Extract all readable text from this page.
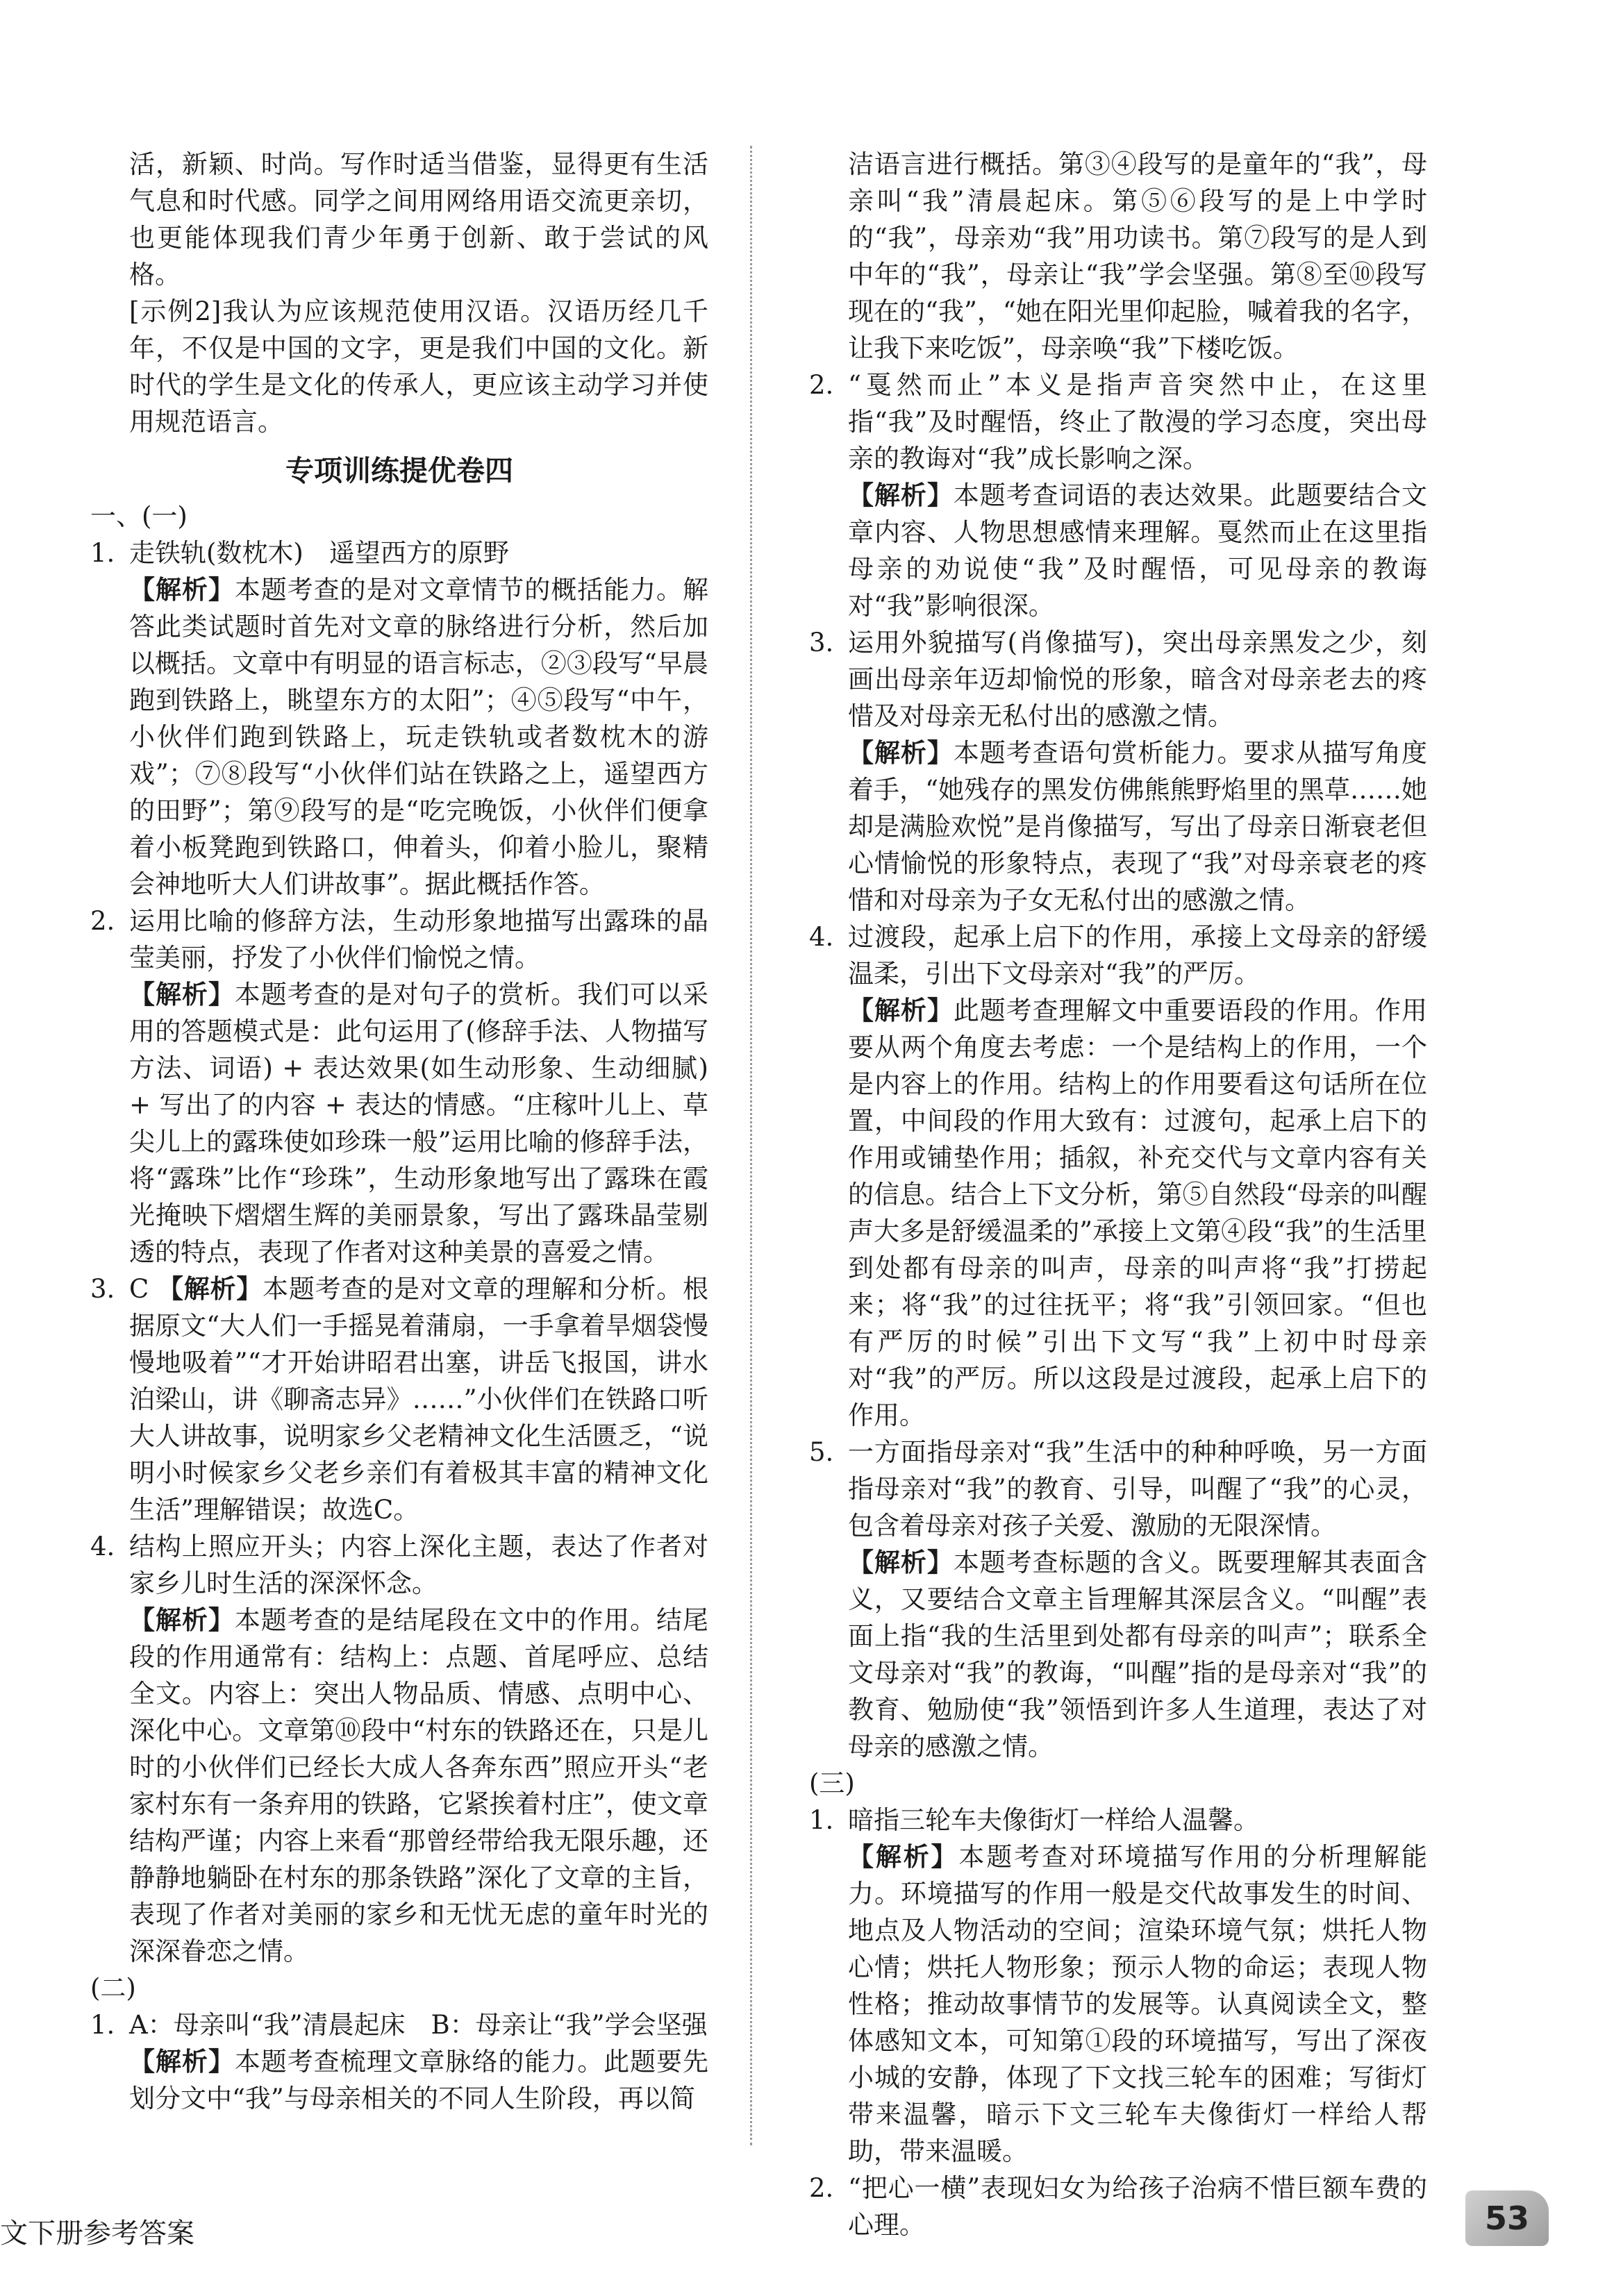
活，新颖、时尚。写作时适当借鉴，显得更有生活气息和时代感。同学之间用网络用语交流更亲切，也更能体现我们青少年勇于创新、敢于尝试的风格。

[示例2]我认为应该规范使用汉语。汉语历经几千年，不仅是中国的文字，更是我们中国的文化。新时代的学生是文化的传承人，更应该主动学习并使用规范语言。

专项训练提优卷四

一、(一)

1. 走铁轨(数枕木)　遥望西方的原野
【解析】本题考查的是对文章情节的概括能力。解答此类试题时首先对文章的脉络进行分析，然后加以概括。文章中有明显的语言标志，②③段写“早晨跑到铁路上，眺望东方的太阳”；④⑤段写“中午，小伙伴们跑到铁路上，玩走铁轨或者数枕木的游戏”；⑦⑧段写“小伙伴们站在铁路之上，遥望西方的田野”；第⑨段写的是“吃完晚饭，小伙伴们便拿着小板凳跑到铁路口，伸着头，仰着小脸儿，聚精会神地听大人们讲故事”。据此概括作答。
2. 运用比喻的修辞方法，生动形象地描写出露珠的晶莹美丽，抒发了小伙伴们愉悦之情。
【解析】本题考查的是对句子的赏析。我们可以采用的答题模式是：此句运用了(修辞手法、人物描写方法、词语) + 表达效果(如生动形象、生动细腻) + 写出了的内容 + 表达的情感。“庄稼叶儿上、草尖儿上的露珠使如珍珠一般”运用比喻的修辞手法，将“露珠”比作“珍珠”，生动形象地写出了露珠在霞光掩映下熠熠生辉的美丽景象，写出了露珠晶莹剔透的特点，表现了作者对这种美景的喜爱之情。
3. C 【解析】本题考查的是对文章的理解和分析。根据原文“大人们一手摇晃着蒲扇，一手拿着旱烟袋慢慢地吸着”“才开始讲昭君出塞，讲岳飞报国，讲水泊梁山，讲《聊斋志异》……”小伙伴们在铁路口听大人讲故事，说明家乡父老精神文化生活匮乏，“说明小时候家乡父老乡亲们有着极其丰富的精神文化生活”理解错误；故选C。
4. 结构上照应开头；内容上深化主题，表达了作者对家乡儿时生活的深深怀念。
【解析】本题考查的是结尾段在文中的作用。结尾段的作用通常有：结构上：点题、首尾呼应、总结全文。内容上：突出人物品质、情感、点明中心、深化中心。文章第⑩段中“村东的铁路还在，只是儿时的小伙伴们已经长大成人各奔东西”照应开头“老家村东有一条弃用的铁路，它紧挨着村庄”，使文章结构严谨；内容上来看“那曾经带给我无限乐趣，还静静地躺卧在村东的那条铁路”深化了文章的主旨，表现了作者对美丽的家乡和无忧无虑的童年时光的深深眷恋之情。

(二)

1. A：母亲叫“我”清晨起床　B：母亲让“我”学会坚强
【解析】本题考查梳理文章脉络的能力。此题要先划分文中“我”与母亲相关的不同人生阶段，再以简

洁语言进行概括。第③④段写的是童年的“我”，母亲叫“我”清晨起床。第⑤⑥段写的是上中学时的“我”，母亲劝“我”用功读书。第⑦段写的是人到中年的“我”，母亲让“我”学会坚强。第⑧至⑩段写现在的“我”，“她在阳光里仰起脸，喊着我的名字，让我下来吃饭”，母亲唤“我”下楼吃饭。

2. “戛然而止”本义是指声音突然中止，在这里指“我”及时醒悟，终止了散漫的学习态度，突出母亲的教诲对“我”成长影响之深。
【解析】本题考查词语的表达效果。此题要结合文章内容、人物思想感情来理解。戛然而止在这里指母亲的劝说使“我”及时醒悟，可见母亲的教诲对“我”影响很深。
3. 运用外貌描写(肖像描写)，突出母亲黑发之少，刻画出母亲年迈却愉悦的形象，暗含对母亲老去的疼惜及对母亲无私付出的感激之情。
【解析】本题考查语句赏析能力。要求从描写角度着手，“她残存的黑发仿佛熊熊野焰里的黑草……她却是满脸欢悦”是肖像描写，写出了母亲日渐衰老但心情愉悦的形象特点，表现了“我”对母亲衰老的疼惜和对母亲为子女无私付出的感激之情。
4. 过渡段，起承上启下的作用，承接上文母亲的舒缓温柔，引出下文母亲对“我”的严厉。
【解析】此题考查理解文中重要语段的作用。作用要从两个角度去考虑：一个是结构上的作用，一个是内容上的作用。结构上的作用要看这句话所在位置，中间段的作用大致有：过渡句，起承上启下的作用或铺垫作用；插叙，补充交代与文章内容有关的信息。结合上下文分析，第⑤自然段“母亲的叫醒声大多是舒缓温柔的”承接上文第④段“我”的生活里到处都有母亲的叫声，母亲的叫声将“我”打捞起来；将“我”的过往抚平；将“我”引领回家。“但也有严厉的时候”引出下文写“我”上初中时母亲对“我”的严厉。所以这段是过渡段，起承上启下的作用。
5. 一方面指母亲对“我”生活中的种种呼唤，另一方面指母亲对“我”的教育、引导，叫醒了“我”的心灵，包含着母亲对孩子关爱、激励的无限深情。
【解析】本题考查标题的含义。既要理解其表面含义，又要结合文章主旨理解其深层含义。“叫醒”表面上指“我的生活里到处都有母亲的叫声”；联系全文母亲对“我”的教诲，“叫醒”指的是母亲对“我”的教育、勉励使“我”领悟到许多人生道理，表达了对母亲的感激之情。

(三)

1. 暗指三轮车夫像街灯一样给人温馨。
【解析】本题考查对环境描写作用的分析理解能力。环境描写的作用一般是交代故事发生的时间、地点及人物活动的空间；渲染环境气氛；烘托人物心情；烘托人物形象；预示人物的命运；表现人物性格；推动故事情节的发展等。认真阅读全文，整体感知文本，可知第①段的环境描写，写出了深夜小城的安静，体现了下文找三轮车的困难；写街灯带来温馨，暗示下文三轮车夫像街灯一样给人帮助，带来温暖。
2. “把心一横”表现妇女为给孩子治病不惜巨额车费的心理。
文下册参考答案	53
